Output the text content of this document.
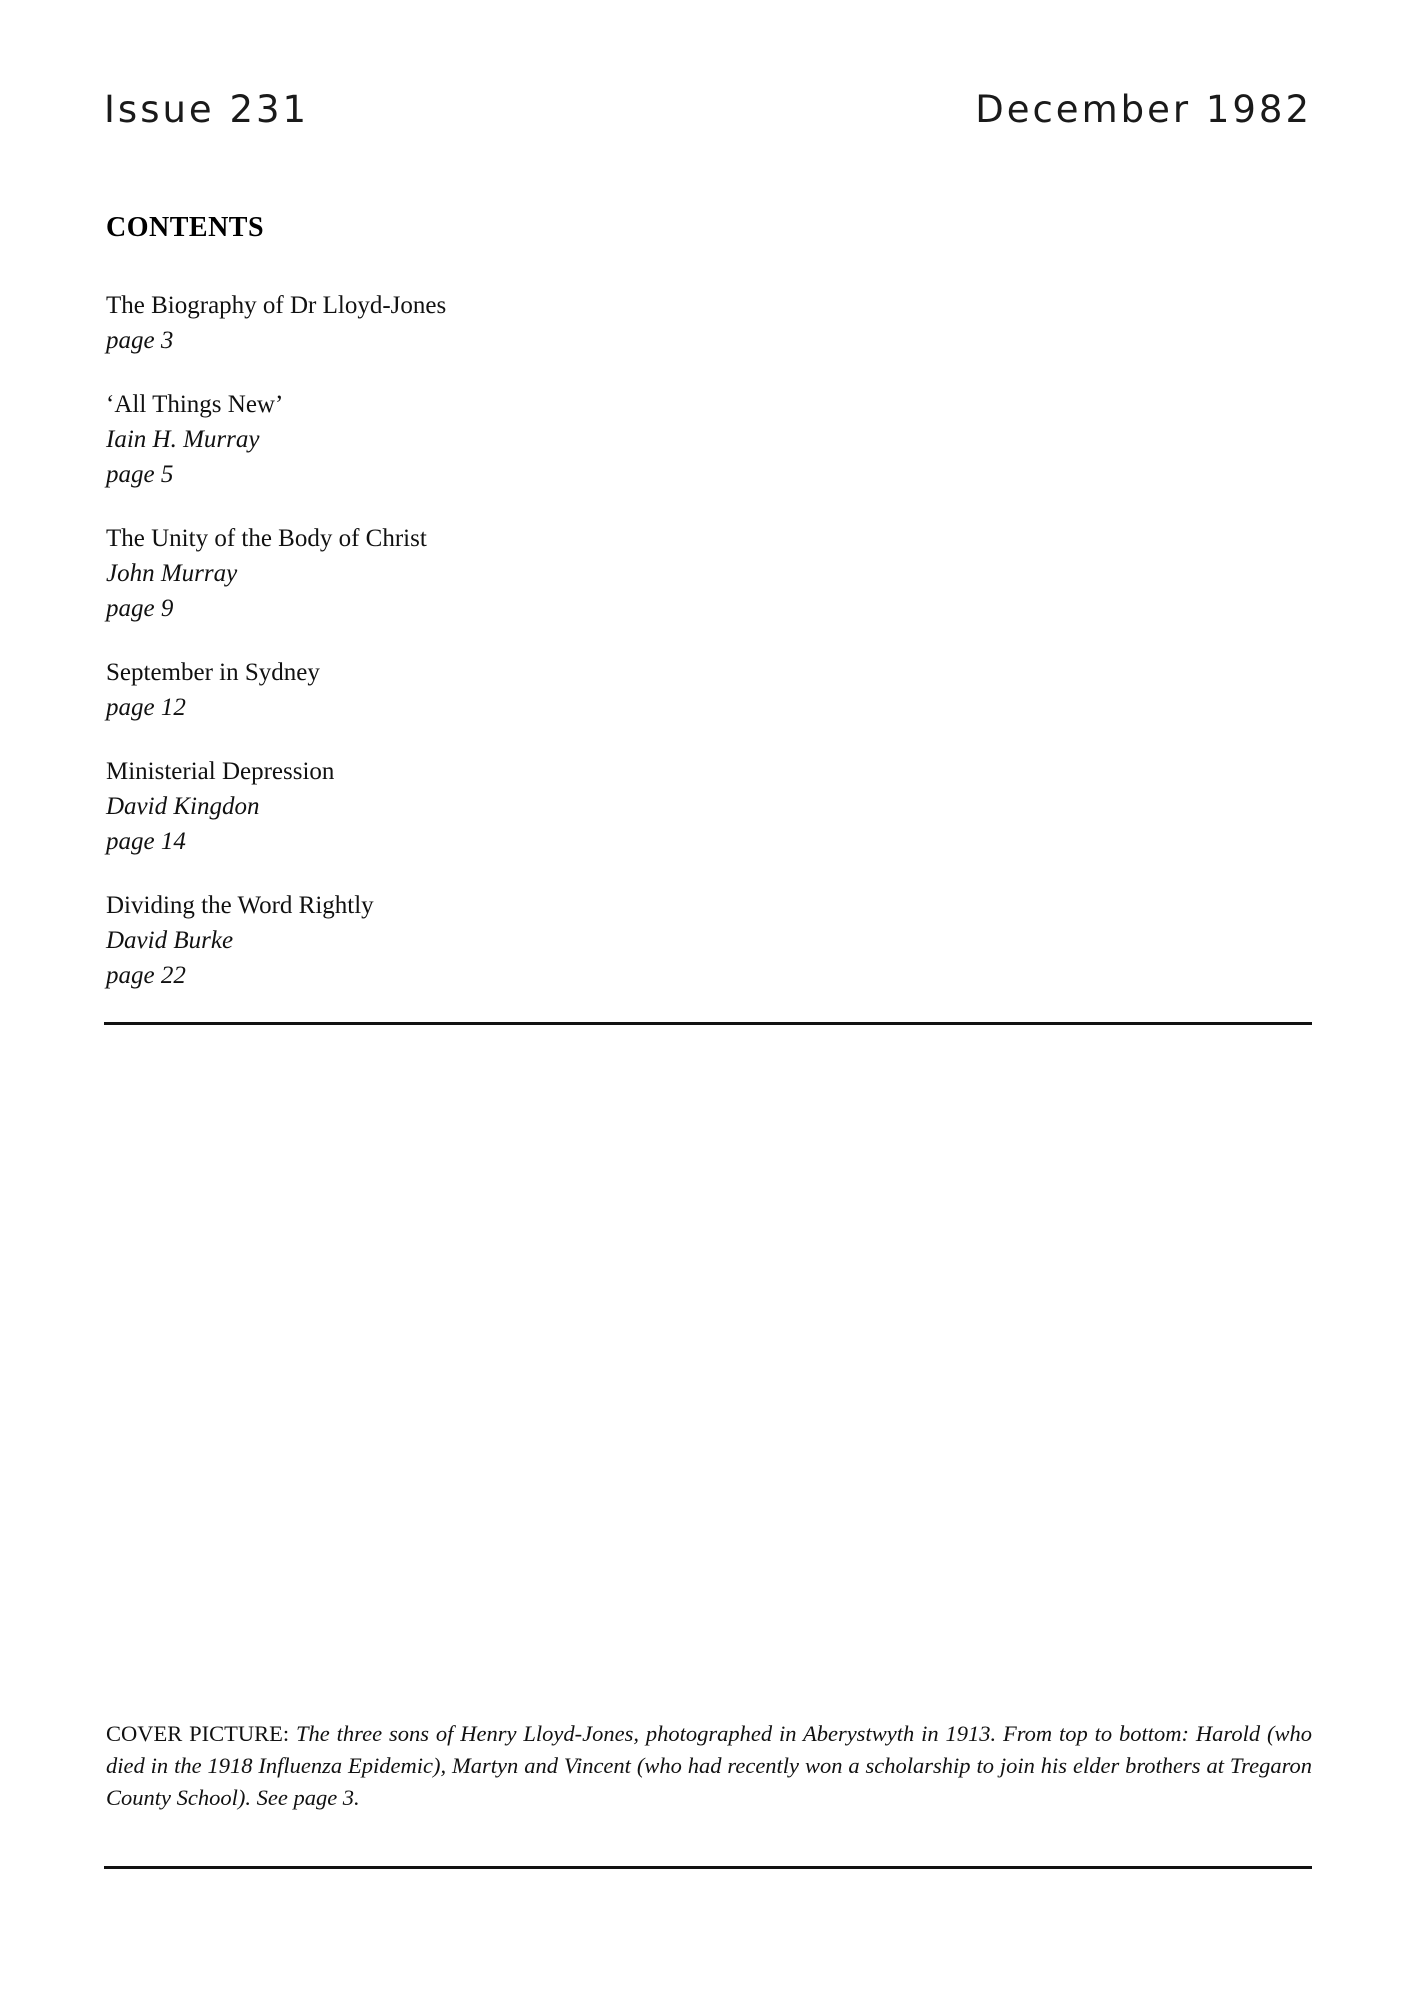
Issue 231	December 1982
CONTENTS
The Biography of Dr Lloyd-Jones
page 3
‘All Things New’
Iain H. Murray
page 5
The Unity of the Body of Christ
John Murray
page 9
September in Sydney
page 12
Ministerial Depression
David Kingdon
page 14
Dividing the Word Rightly
David Burke
page 22
COVER PICTURE: The three sons of Henry Lloyd-Jones, photographed in Aberystwyth in 1913. From top to bottom: Harold (who died in the 1918 Influenza Epidemic), Martyn and Vincent (who had recently won a scholarship to join his elder brothers at Tregaron County School). See page 3.
